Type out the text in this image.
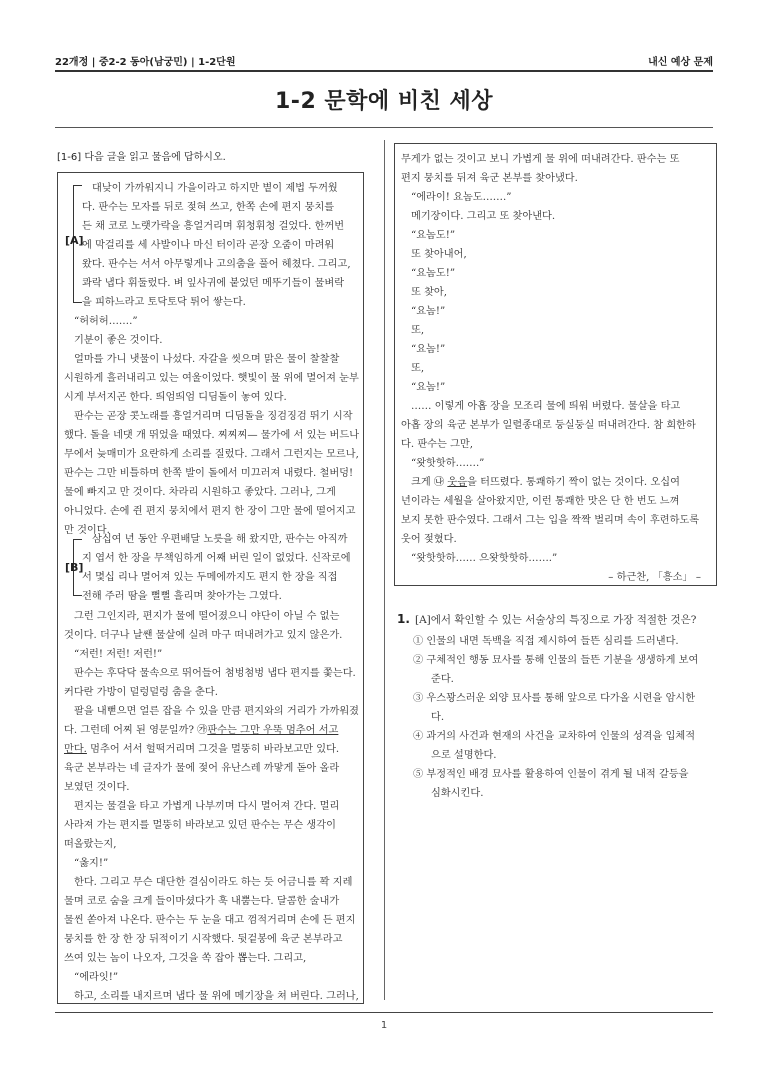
22개정 | 중2-2 동아(남궁민) | 1-2단원	내신 예상 문제
1-2 문학에 비친 세상
[1-6] 다음 글을 읽고 물음에 답하시오.
[A]
대낮이 가까워지니 가을이라고 하지만 볕이 제법 두꺼웠
다. 판수는 모자를 뒤로 젖혀 쓰고, 한쪽 손에 편지 뭉치를
든 채 코로 노랫가락을 흥얼거리며 휘청휘청 걸었다. 한꺼번
에 막걸리를 세 사발이나 마신 터이라 곧장 오줌이 마려워
왔다. 판수는 서서 아무렇게나 고의춤을 풀어 헤쳤다. 그리고,
콰락 냅다 휘둘렀다. 벼 잎사귀에 붙었던 메뚜기들이 물벼락
을 피하느라고 토닥토닥 튀어 쌓는다.
“허허허…….”
기분이 좋은 것이다.
얼마를 가니 냇물이 나섰다. 자갈을 씻으며 맑은 물이 찰찰찰
시원하게 흘러내리고 있는 여울이었다. 햇빛이 물 위에 멸어져 눈부
시게 부서지곤 한다. 띄엄띄엄 디딤돌이 놓여 있다.
판수는 곧장 콧노래를 흥얼거리며 디딤돌을 징검징검 뛰기 시작
했다. 돌을 네댓 개 뛰었을 때였다. 찌찌찌— 물가에 서 있는 버드나
무에서 늦매미가 요란하게 소리를 질렀다. 그래서 그런지는 모르나,
판수는 그만 비틀하며 한쪽 발이 돌에서 미끄러져 내렸다. 철버덩!
물에 빠지고 만 것이다. 차라리 시원하고 좋았다. 그러나, 그게
아니었다. 손에 쥔 편지 뭉치에서 편지 한 장이 그만 물에 떨어지고
만 것이다.
[B]
삼십여 년 동안 우편배달 노릇을 해 왔지만, 판수는 아직까
지 엽서 한 장을 무책임하게 어째 버린 일이 없었다. 신작로에
서 몇십 리나 멸어져 있는 두메에까지도 편지 한 장을 직접
전해 주러 땀을 뻘뻘 흘리며 찾아가는 그였다.
그런 그인지라, 편지가 물에 떨어졌으니 야단이 아닐 수 없는
것이다. 더구나 날쌘 물살에 실려 마구 떠내려가고 있지 않은가.
“저런! 저런! 저런!”
판수는 후닥닥 물속으로 뛰어들어 첨벙첨벙 냅다 편지를 쫓는다.
커다란 가방이 덜렁덜렁 춤을 춘다.
팔을 내뻗으면 얼른 잡을 수 있을 만큼 편지와의 거리가 가까워졌
다. 그런데 어찌 된 영문일까? ㉮판수는 그만 우뚝 멈추어 서고
만다. 멈추어 서서 헐떡거리며 그것을 멀뚱히 바라보고만 있다.
육군 본부라는 네 글자가 물에 젖어 유난스레 까맣게 돋아 올라
보였던 것이다.
편지는 물결을 타고 가볍게 나부끼며 다시 멸어져 간다. 멀리
사라져 가는 편지를 멀뚱히 바라보고 있던 판수는 무슨 생각이
떠올랐는지,
“옳지!”
한다. 그리고 무슨 대단한 결심이라도 하는 듯 어금니를 꽉 지레
물며 코로 숨을 크게 들이마셨다가 훅 내뿜는다. 달콤한 술내가
물씬 쏟아져 나온다. 판수는 두 눈을 대고 껌적거리며 손에 든 편지
뭉치를 한 장 한 장 뒤적이기 시작했다. 뒷겉봉에 육군 본부라고
쓰여 있는 놈이 나오자, 그것을 쏙 잡아 뽑는다. 그리고,
“에라잇!”
하고, 소리를 내지르며 냅다 물 위에 메기장을 쳐 버린다. 그러나,
무게가 없는 것이고 보니 가볍게 물 위에 떠내려간다. 판수는 또
편지 뭉치를 뒤져 육군 본부를 찾아냈다.
“에라이! 요놈도…….”
메기장이다. 그리고 또 찾아낸다.
“요놈도!”
또 찾아내어,
“요놈도!”
또 찾아,
“요놈!”
또,
“요놈!”
또,
“요놈!”
…… 이렇게 아홉 장을 모조리 물에 띄워 버렸다. 물살을 타고
아홉 장의 육군 본부가 일렬종대로 둥실둥실 떠내려간다. 참 희한하
다. 판수는 그만,
“왓핫핫하…….”
크게 ㉯ 웃음을 터뜨렸다. 통쾌하기 짝이 없는 것이다. 오십여
년이라는 세월을 살아왔지만, 이런 통쾌한 맛은 단 한 번도 느껴
보지 못한 판수였다. 그래서 그는 입을 짝짝 벌리며 속이 후련하도록
웃어 젖혔다.
“왓핫핫하…… 으왓핫핫하…….”
– 하근찬, 「흥소」 –
1. [A]에서 확인할 수 있는 서술상의 특징으로 가장 적절한 것은?
① 인물의 내면 독백을 직접 제시하여 들뜬 심리를 드러낸다.
② 구체적인 행동 묘사를 통해 인물의 들뜬 기분을 생생하게 보여
준다.
③ 우스꽝스러운 외양 묘사를 통해 앞으로 다가올 시련을 암시한
다.
④ 과거의 사건과 현재의 사건을 교차하여 인물의 성격을 입체적
으로 설명한다.
⑤ 부정적인 배경 묘사를 활용하여 인물이 겪게 될 내적 갈등을
심화시킨다.
1
